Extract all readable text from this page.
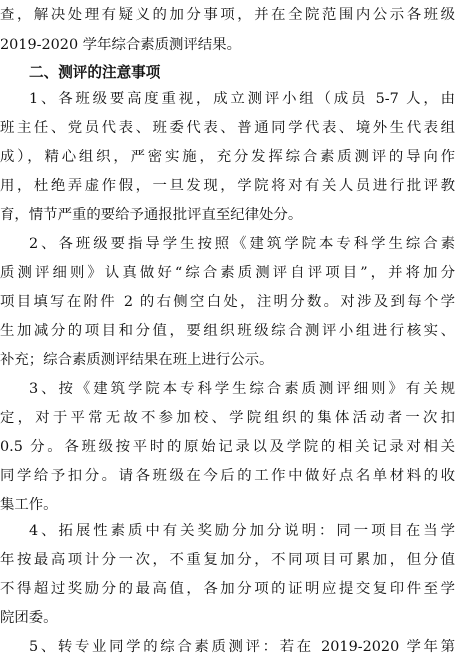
查，解决处理有疑义的加分事项，并在全院范围内公示各班级
2019-2020 学年综合素质测评结果。
二、测评的注意事项
1、各班级要高度重视，成立测评小组（成员 5-7 人，由
班主任、党员代表、班委代表、普通同学代表、境外生代表组
成），精心组织，严密实施，充分发挥综合素质测评的导向作
用，杜绝弄虚作假，一旦发现，学院将对有关人员进行批评教
育，情节严重的要给予通报批评直至纪律处分。
2、各班级要指导学生按照《建筑学院本专科学生综合素
质测评细则》认真做好“综合素质测评自评项目”，并将加分
项目填写在附件 2 的右侧空白处，注明分数。对涉及到每个学
生加减分的项目和分值，要组织班级综合测评小组进行核实、
补充；综合素质测评结果在班上进行公示。
3、按《建筑学院本专科学生综合素质测评细则》有关规
定，对于平常无故不参加校、学院组织的集体活动者一次扣
0.5 分。各班级按平时的原始记录以及学院的相关记录对相关
同学给予扣分。请各班级在今后的工作中做好点名单材料的收
集工作。
4、拓展性素质中有关奖励分加分说明：同一项目在当学
年按最高项计分一次，不重复加分，不同项目可累加，但分值
不得超过奖励分的最高值，各加分项的证明应提交复印件至学
院团委。
5、转专业同学的综合素质测评：若在 2019-2020 学年第
